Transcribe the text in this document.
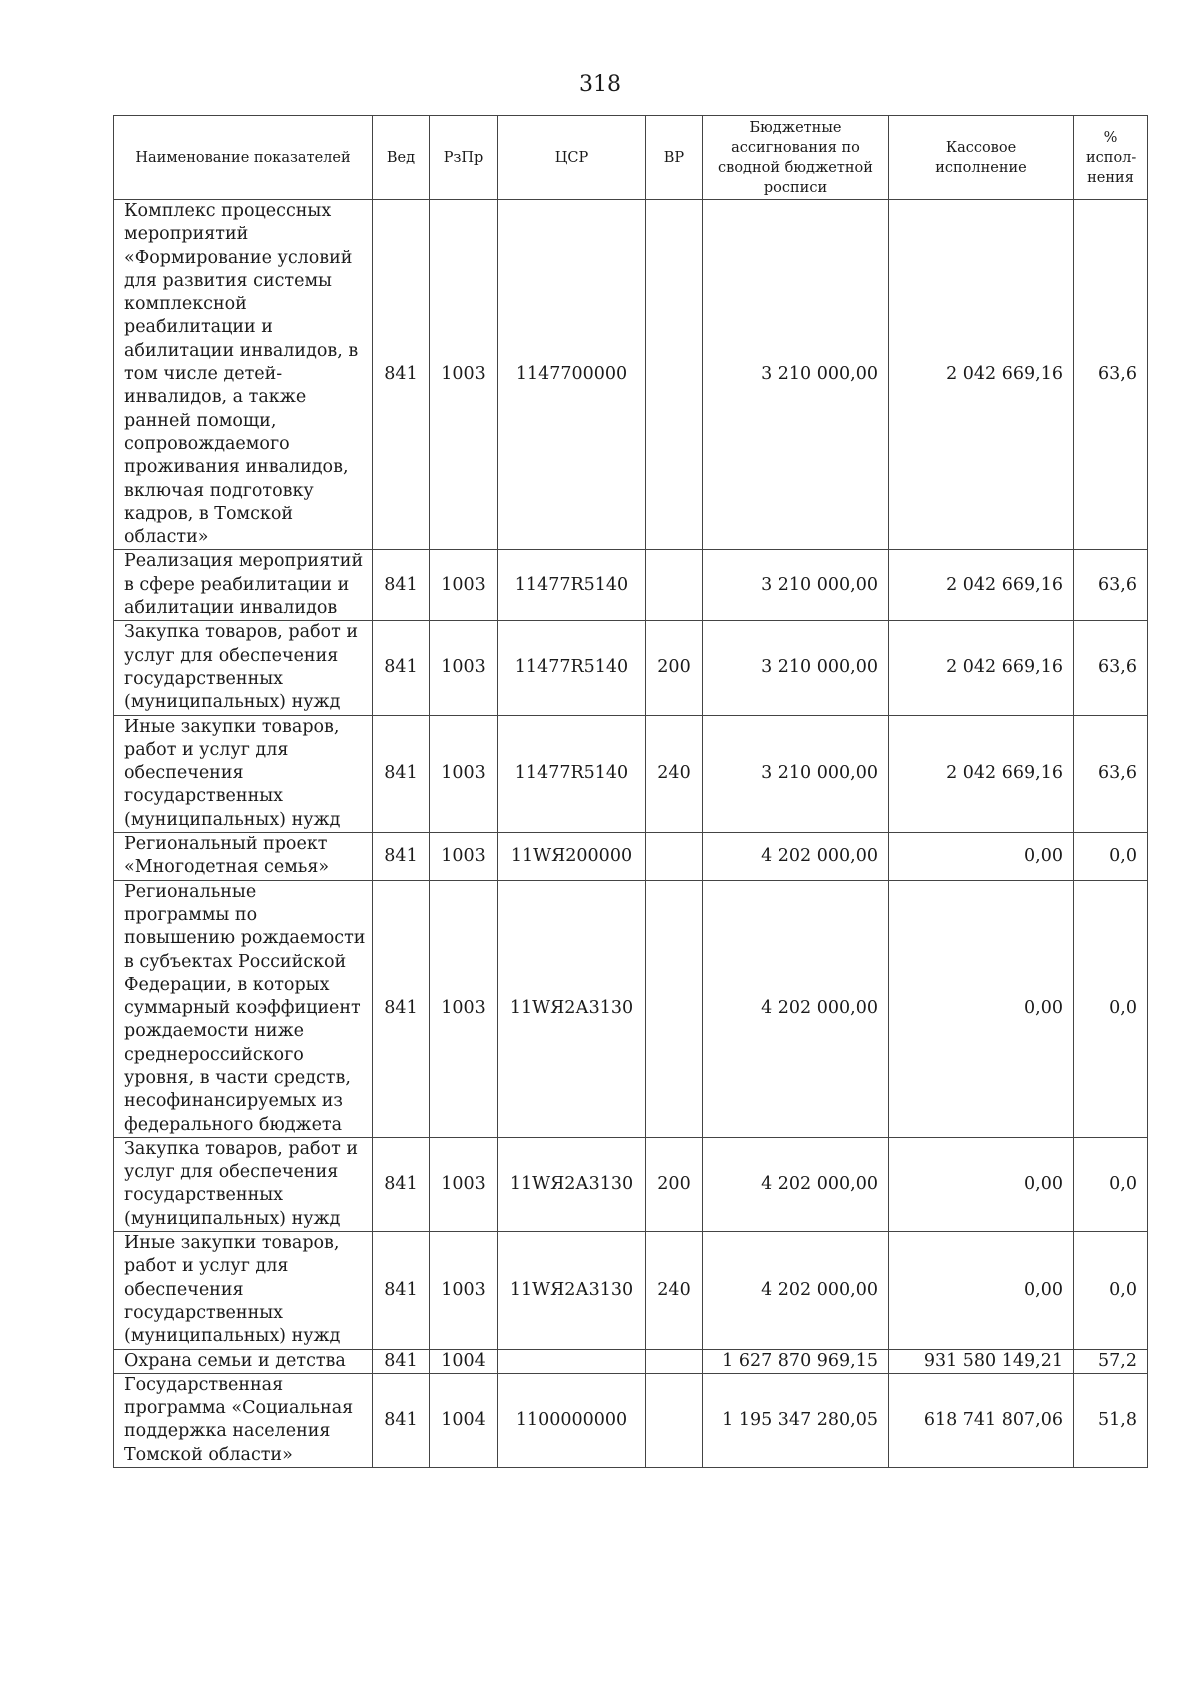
318
Наименование показателей	Вед	РзПр	ЦСР	ВР	Бюджетные ассигнования по сводной бюджетной росписи	Кассовое исполнение	% испол-нения
Комплекс процессных мероприятий «Формирование условий для развития системы комплексной реабилитации и абилитации инвалидов, в том числе детей-инвалидов, а также ранней помощи, сопровождаемого проживания инвалидов, включая подготовку кадров, в Томской области»	841	1003	1147700000		3 210 000,00	2 042 669,16	63,6
Реализация мероприятий в сфере реабилитации и абилитации инвалидов	841	1003	11477R5140		3 210 000,00	2 042 669,16	63,6
Закупка товаров, работ и услуг для обеспечения государственных (муниципальных) нужд	841	1003	11477R5140	200	3 210 000,00	2 042 669,16	63,6
Иные закупки товаров, работ и услуг для обеспечения государственных (муниципальных) нужд	841	1003	11477R5140	240	3 210 000,00	2 042 669,16	63,6
Региональный проект «Многодетная семья»	841	1003	11WЯ200000		4 202 000,00	0,00	0,0
Региональные программы по повышению рождаемости в субъектах Российской Федерации, в которых суммарный коэффициент рождаемости ниже среднероссийского уровня, в части средств, несофинансируемых из федерального бюджета	841	1003	11WЯ2А3130		4 202 000,00	0,00	0,0
Закупка товаров, работ и услуг для обеспечения государственных (муниципальных) нужд	841	1003	11WЯ2А3130	200	4 202 000,00	0,00	0,0
Иные закупки товаров, работ и услуг для обеспечения государственных (муниципальных) нужд	841	1003	11WЯ2А3130	240	4 202 000,00	0,00	0,0
Охрана семьи и детства	841	1004			1 627 870 969,15	931 580 149,21	57,2
Государственная программа «Социальная поддержка населения Томской области»	841	1004	1100000000		1 195 347 280,05	618 741 807,06	51,8
